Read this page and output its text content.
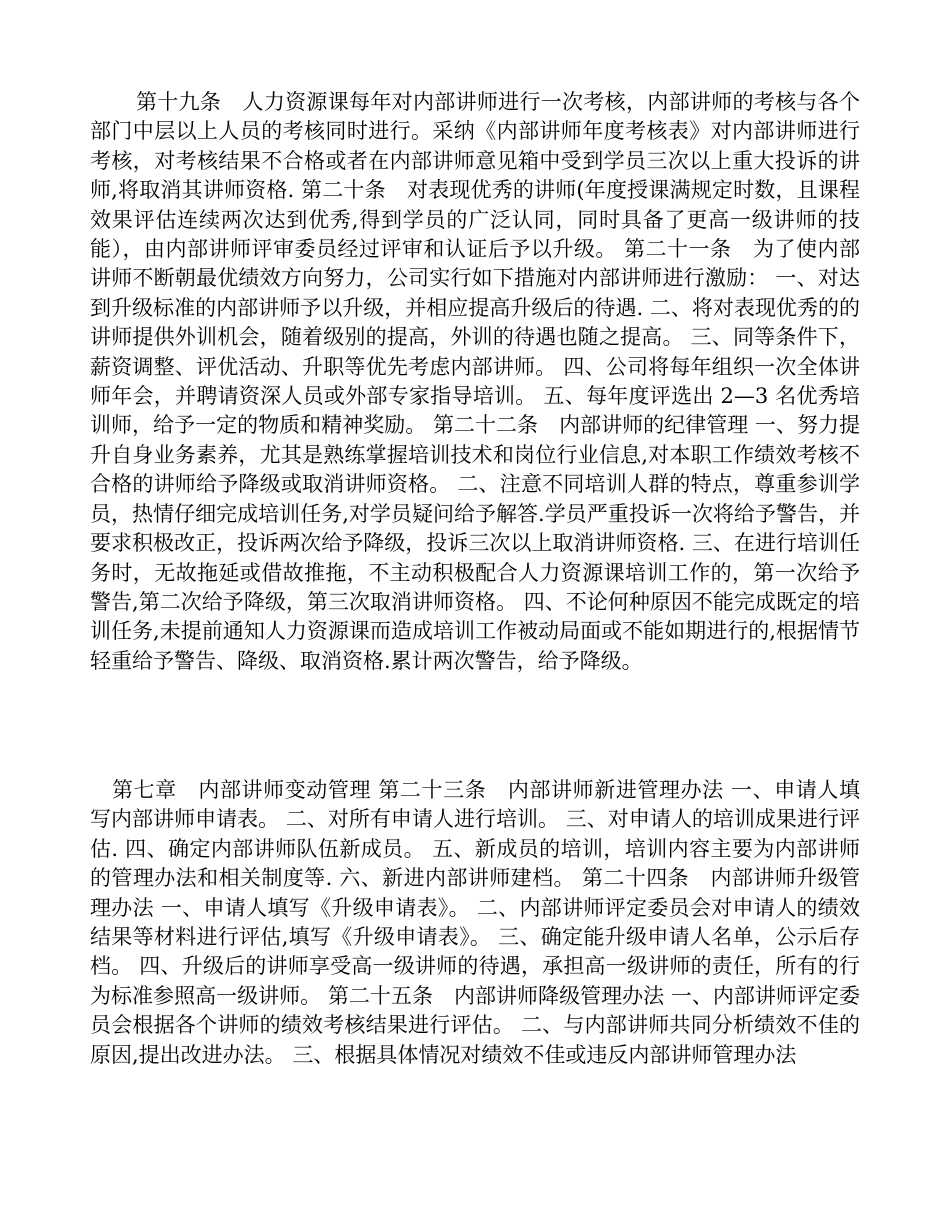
第十九条　人力资源课每年对内部讲师进行一次考核，内部讲师的考核与各个部门中层以上人员的考核同时进行。采纳《内部讲师年度考核表》对内部讲师进行考核，对考核结果不合格或者在内部讲师意见箱中受到学员三次以上重大投诉的讲师,将取消其讲师资格. 第二十条　对表现优秀的讲师(年度授课满规定时数，且课程效果评估连续两次达到优秀,得到学员的广泛认同，同时具备了更高一级讲师的技能），由内部讲师评审委员经过评审和认证后予以升级。 第二十一条　为了使内部讲师不断朝最优绩效方向努力，公司实行如下措施对内部讲师进行激励： 一、对达到升级标准的内部讲师予以升级，并相应提高升级后的待遇. 二、将对表现优秀的的讲师提供外训机会，随着级别的提高，外训的待遇也随之提高。 三、同等条件下，薪资调整、评优活动、升职等优先考虑内部讲师。 四、公司将每年组织一次全体讲师年会，并聘请资深人员或外部专家指导培训。 五、每年度评选出 2—3 名优秀培训师，给予一定的物质和精神奖励。 第二十二条　内部讲师的纪律管理 一、努力提升自身业务素养，尤其是熟练掌握培训技术和岗位行业信息,对本职工作绩效考核不合格的讲师给予降级或取消讲师资格。 二、注意不同培训人群的特点，尊重参训学员，热情仔细完成培训任务,对学员疑问给予解答.学员严重投诉一次将给予警告，并要求积极改正，投诉两次给予降级，投诉三次以上取消讲师资格. 三、在进行培训任务时，无故拖延或借故推拖，不主动积极配合人力资源课培训工作的，第一次给予警告,第二次给予降级，第三次取消讲师资格。 四、不论何种原因不能完成既定的培训任务,未提前通知人力资源课而造成培训工作被动局面或不能如期进行的,根据情节轻重给予警告、降级、取消资格.累计两次警告，给予降级。

第七章　内部讲师变动管理 第二十三条　内部讲师新进管理办法 一、申请人填写内部讲师申请表。 二、对所有申请人进行培训。 三、对申请人的培训成果进行评估. 四、确定内部讲师队伍新成员。 五、新成员的培训，培训内容主要为内部讲师的管理办法和相关制度等. 六、新进内部讲师建档。 第二十四条　内部讲师升级管理办法 一、申请人填写《升级申请表》。 二、内部讲师评定委员会对申请人的绩效结果等材料进行评估,填写《升级申请表》。 三、确定能升级申请人名单，公示后存档。 四、升级后的讲师享受高一级讲师的待遇，承担高一级讲师的责任，所有的行为标准参照高一级讲师。 第二十五条　内部讲师降级管理办法 一、内部讲师评定委员会根据各个讲师的绩效考核结果进行评估。 二、与内部讲师共同分析绩效不佳的原因,提出改进办法。 三、根据具体情况对绩效不佳或违反内部讲师管理办法
